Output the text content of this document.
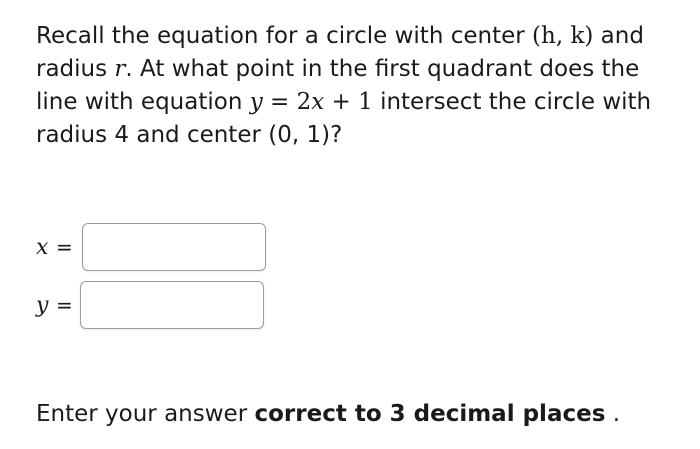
Recall the equation for a circle with center (h, k) and radius r. At what point in the first quadrant does the line with equation y = 2x + 1 intersect the circle with radius 4 and center (0, 1)?

x =
y =

Enter your answer correct to 3 decimal places .
